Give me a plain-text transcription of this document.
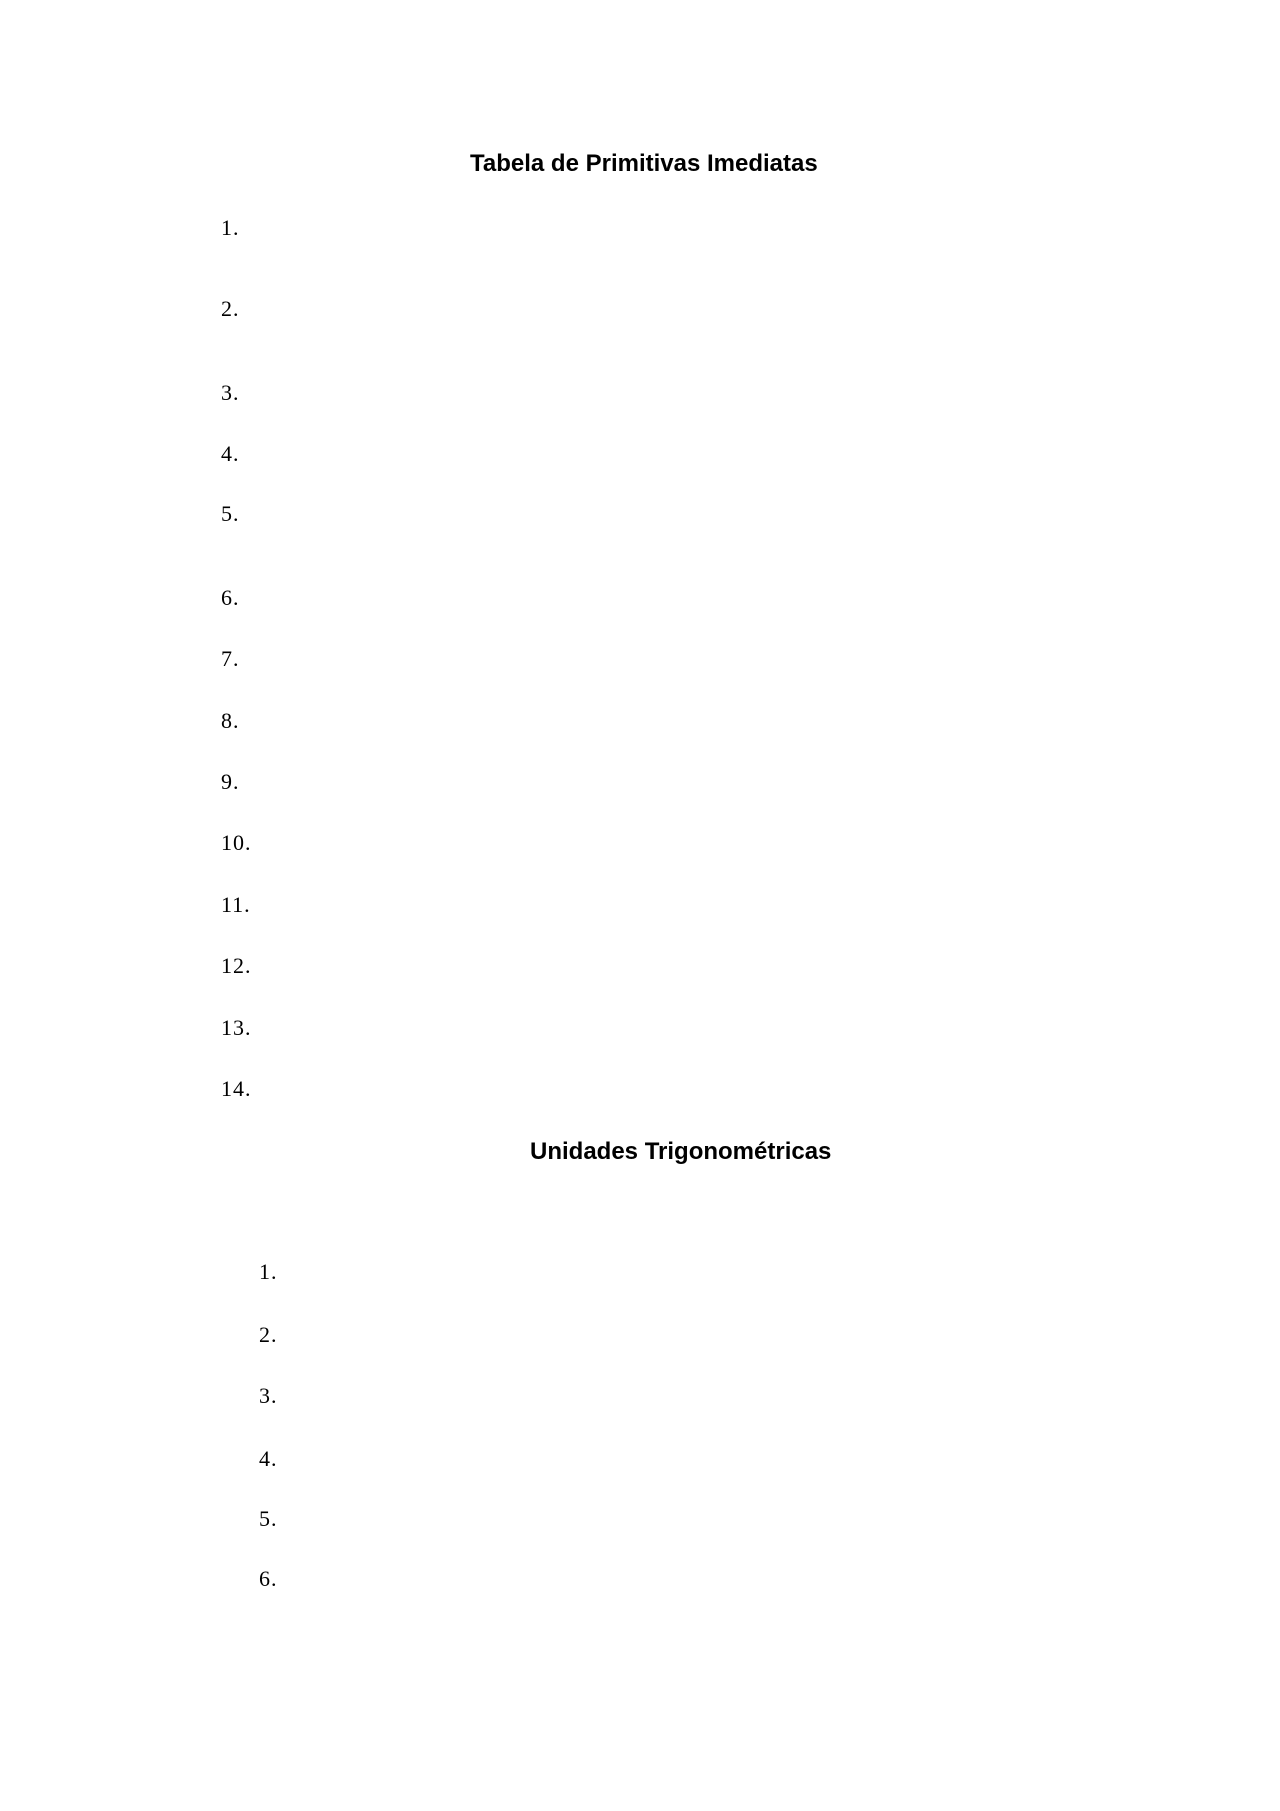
Tabela de Primitivas Imediatas
1.
2.
3.
4.
5.
6.
7.
8.
9.
10.
11.
12.
13.
14.
Unidades Trigonométricas
1.
2.
3.
4.
5.
6.
